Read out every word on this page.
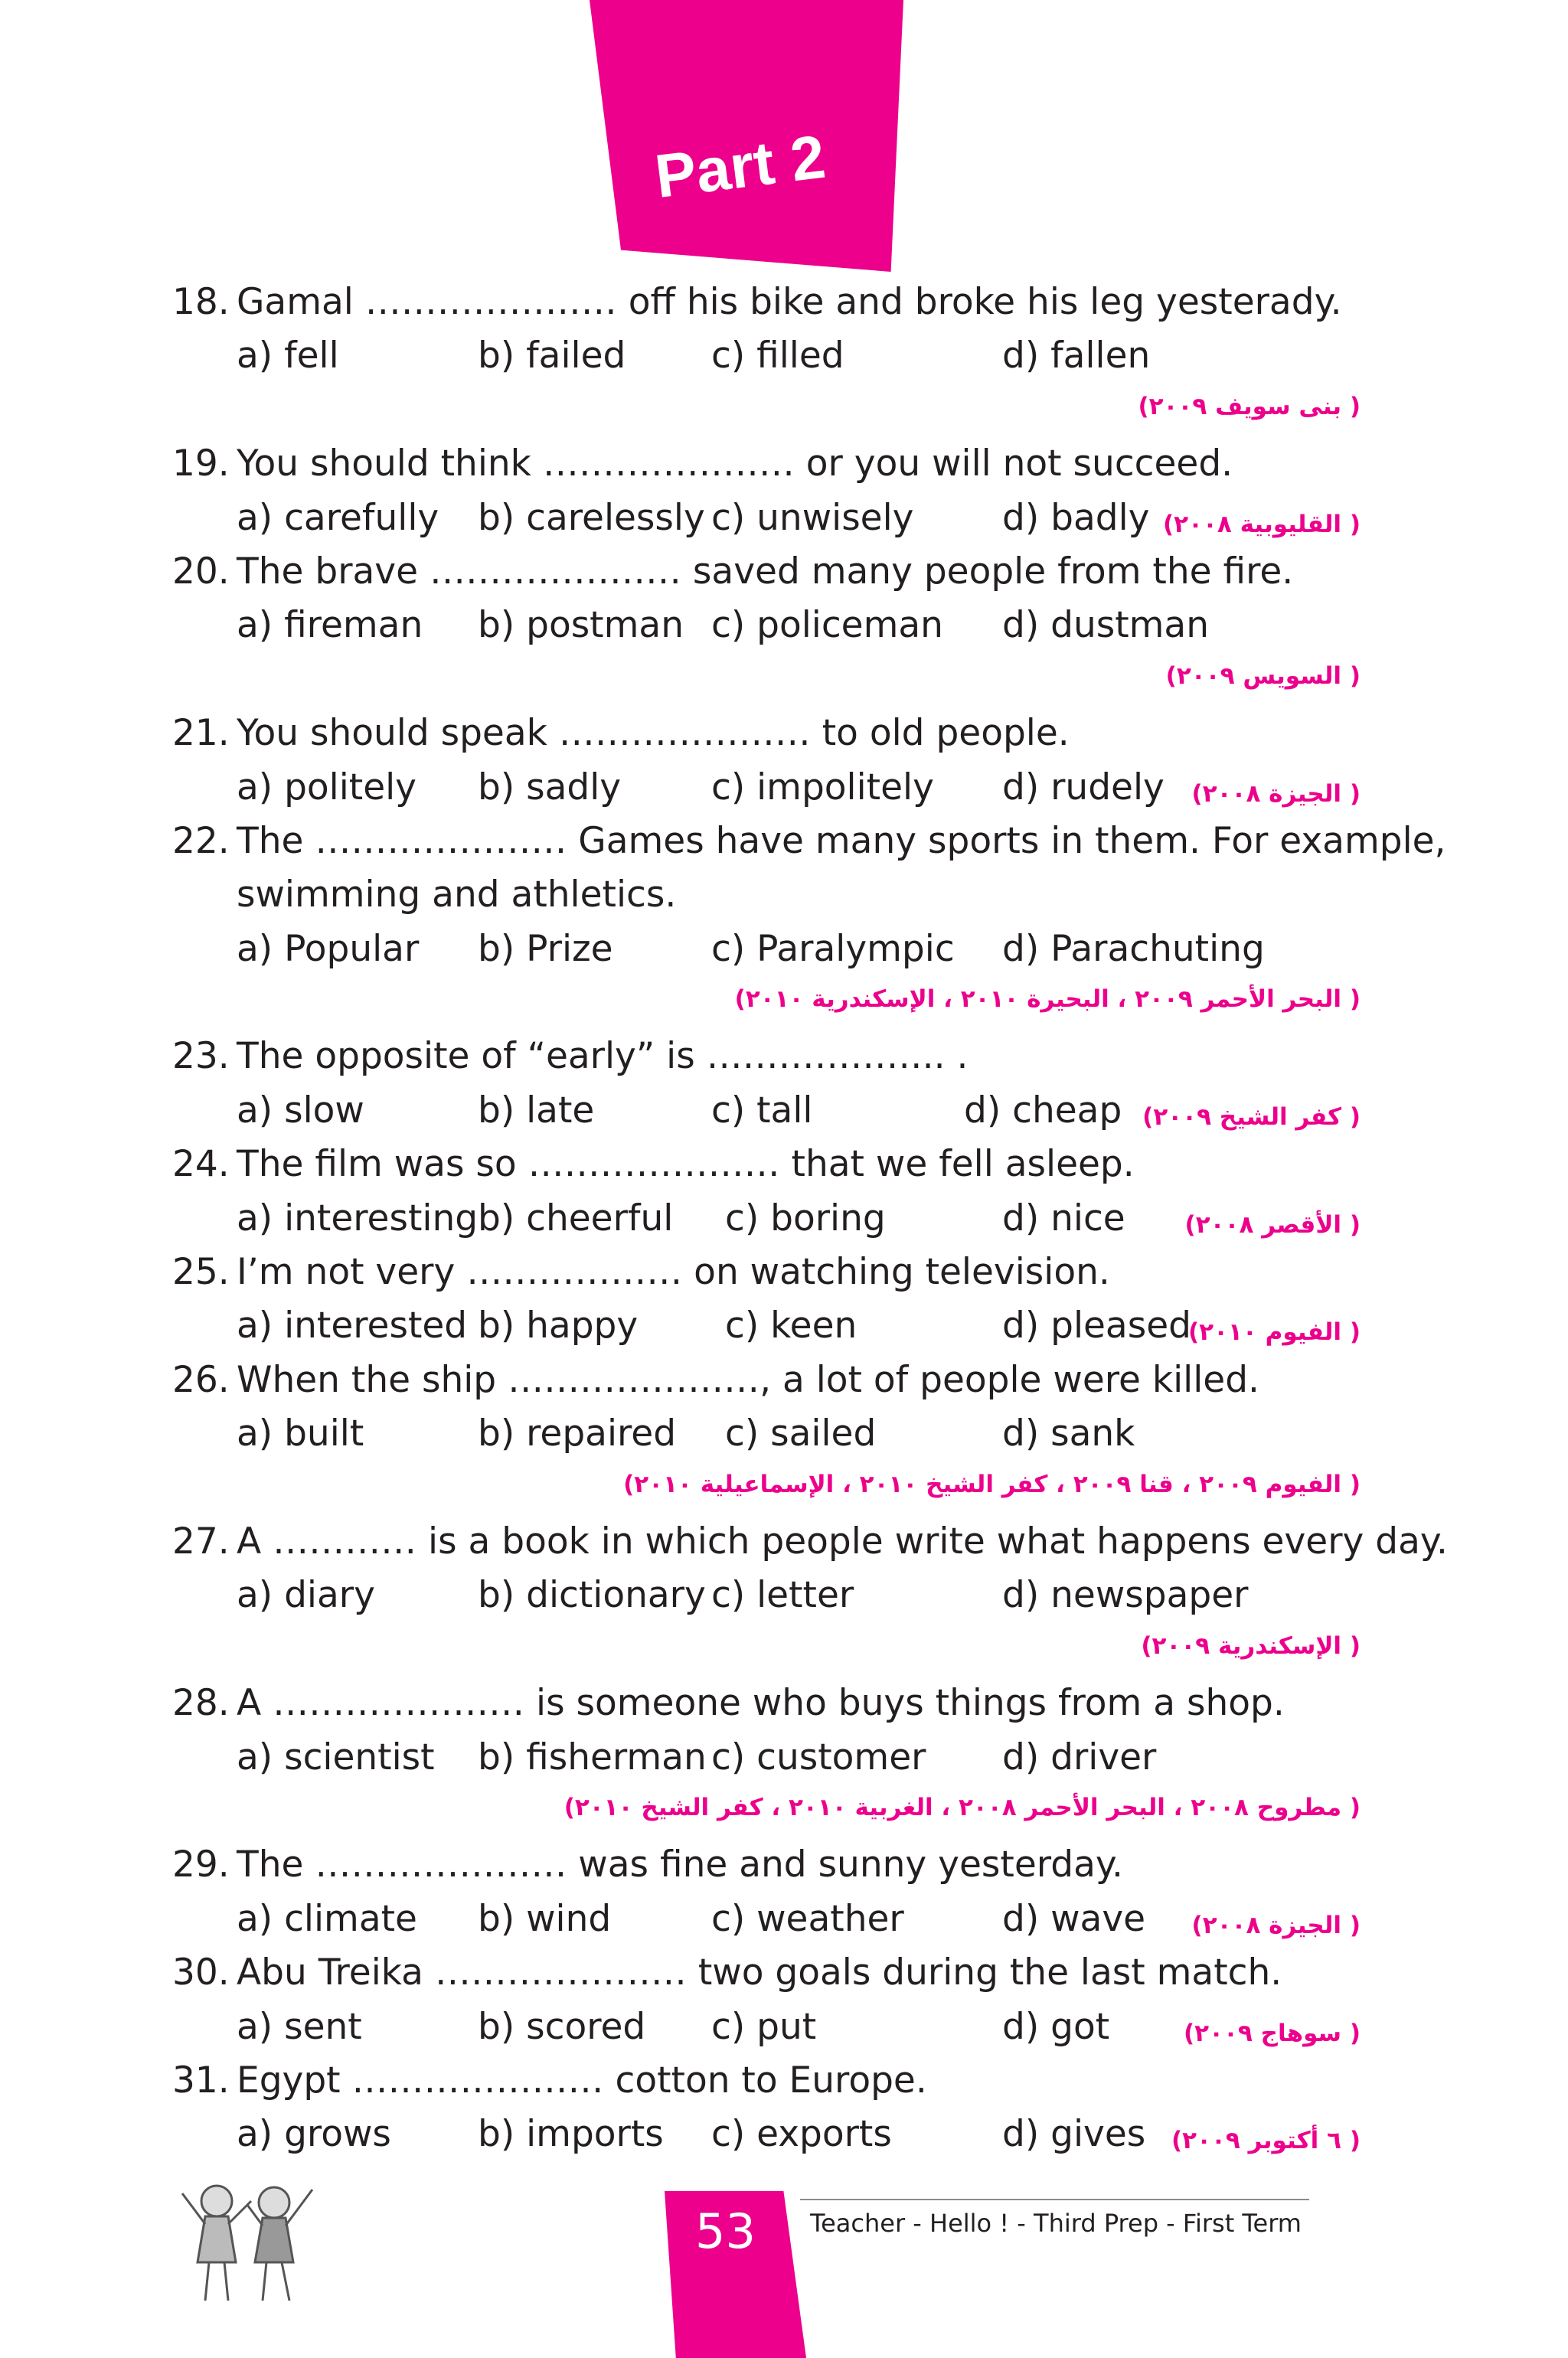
Part 2
18. Gamal ………………… off his bike and broke his leg yesterady.
a) fell	b) failed c) filled	d) fallen
( بنى سويف ٢٠٠٩)
19. You should think ………………… or you will not succeed.
a) carefully b) carelessly c) unwisely d) badly ( القليوبية ٢٠٠٨)
20. The brave ………………… saved many people from the fire.
a) fireman b) postman c) policeman d) dustman
( السويس ٢٠٠٩)
21. You should speak ………………… to old people.
a) politely b) sadly	c) impolitely d) rudely ( الجيزة ٢٠٠٨)
22. The ………………… Games have many sports in them. For example,
swimming and athletics.
a) Popular b) Prize	c) Paralympic d) Parachuting
( البحر الأحمر ٢٠٠٩ ، البحيرة ٢٠١٠ ، الإسكندرية ٢٠١٠)
23. The opposite of “early” is ……………….. .
a) slow	b) late	c) tall	d) cheap ( كفر الشيخ ٢٠٠٩)
24. The film was so ………………… that we fell asleep.
a) interesting b) cheerful c) boring	d) nice	( الأقصر ٢٠٠٨)
25. I’m not very ……………… on watching television.
a) interested b) happy c) keen	d) pleased
( الفيوم ٢٠١٠)
26. When the ship …………………, a lot of people were killed.
a) built	b) repaired c) sailed	d) sank
( الفيوم ٢٠٠٩ ، قنا ٢٠٠٩ ، كفر الشيخ ٢٠١٠ ، الإسماعيلية ٢٠١٠)
27. A ………… is a book in which people write what happens every day.
a) diary	b) dictionary c) letter	d) newspaper
( الإسكندرية ٢٠٠٩)
28. A ………………… is someone who buys things from a shop.
a) scientist b) fisherman c) customer d) driver
( مطروح ٢٠٠٨ ، البحر الأحمر ٢٠٠٨ ، الغربية ٢٠١٠ ، كفر الشيخ ٢٠١٠)
29. The ………………… was fine and sunny yesterday.
a) climate b) wind	c) weather	d) wave ( الجيزة ٢٠٠٨)
30. Abu Treika ………………… two goals during the last match.
a) sent	b) scored c) put	d) got	( سوهاج ٢٠٠٩)
31. Egypt ………………… cotton to Europe.
a) grows b) imports c) exports	d) gives ( ٦ أكتوبر ٢٠٠٩)
53 Teacher - Hello ! - Third Prep - First Term
